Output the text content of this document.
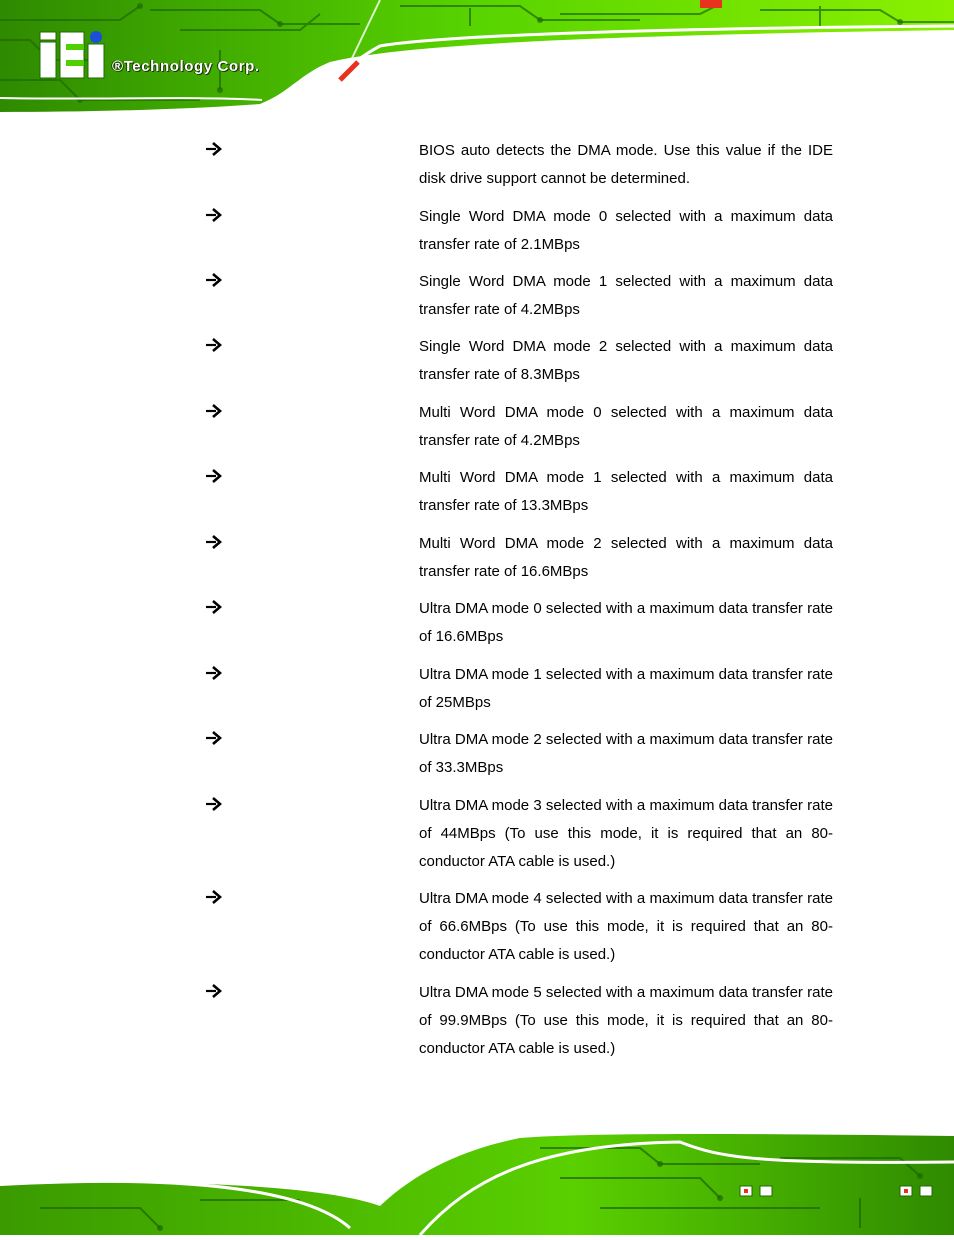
®Technology Corp.
BIOS auto detects the DMA mode. Use this value if the IDE disk drive support cannot be determined.
Single Word DMA mode 0 selected with a maximum data transfer rate of 2.1MBps
Single Word DMA mode 1 selected with a maximum data transfer rate of 4.2MBps
Single Word DMA mode 2 selected with a maximum data transfer rate of 8.3MBps
Multi Word DMA mode 0 selected with a maximum data transfer rate of 4.2MBps
Multi Word DMA mode 1 selected with a maximum data transfer rate of 13.3MBps
Multi Word DMA mode 2 selected with a maximum data transfer rate of 16.6MBps
Ultra DMA mode 0 selected with a maximum data transfer rate of 16.6MBps
Ultra DMA mode 1 selected with a maximum data transfer rate of 25MBps
Ultra DMA mode 2 selected with a maximum data transfer rate of 33.3MBps
Ultra DMA mode 3 selected with a maximum data transfer rate of 44MBps (To use this mode, it is required that an 80-conductor ATA cable is used.)
Ultra DMA mode 4 selected with a maximum data transfer rate of 66.6MBps (To use this mode, it is required that an 80-conductor ATA cable is used.)
Ultra DMA mode 5 selected with a maximum data transfer rate of 99.9MBps (To use this mode, it is required that an 80-conductor ATA cable is used.)
